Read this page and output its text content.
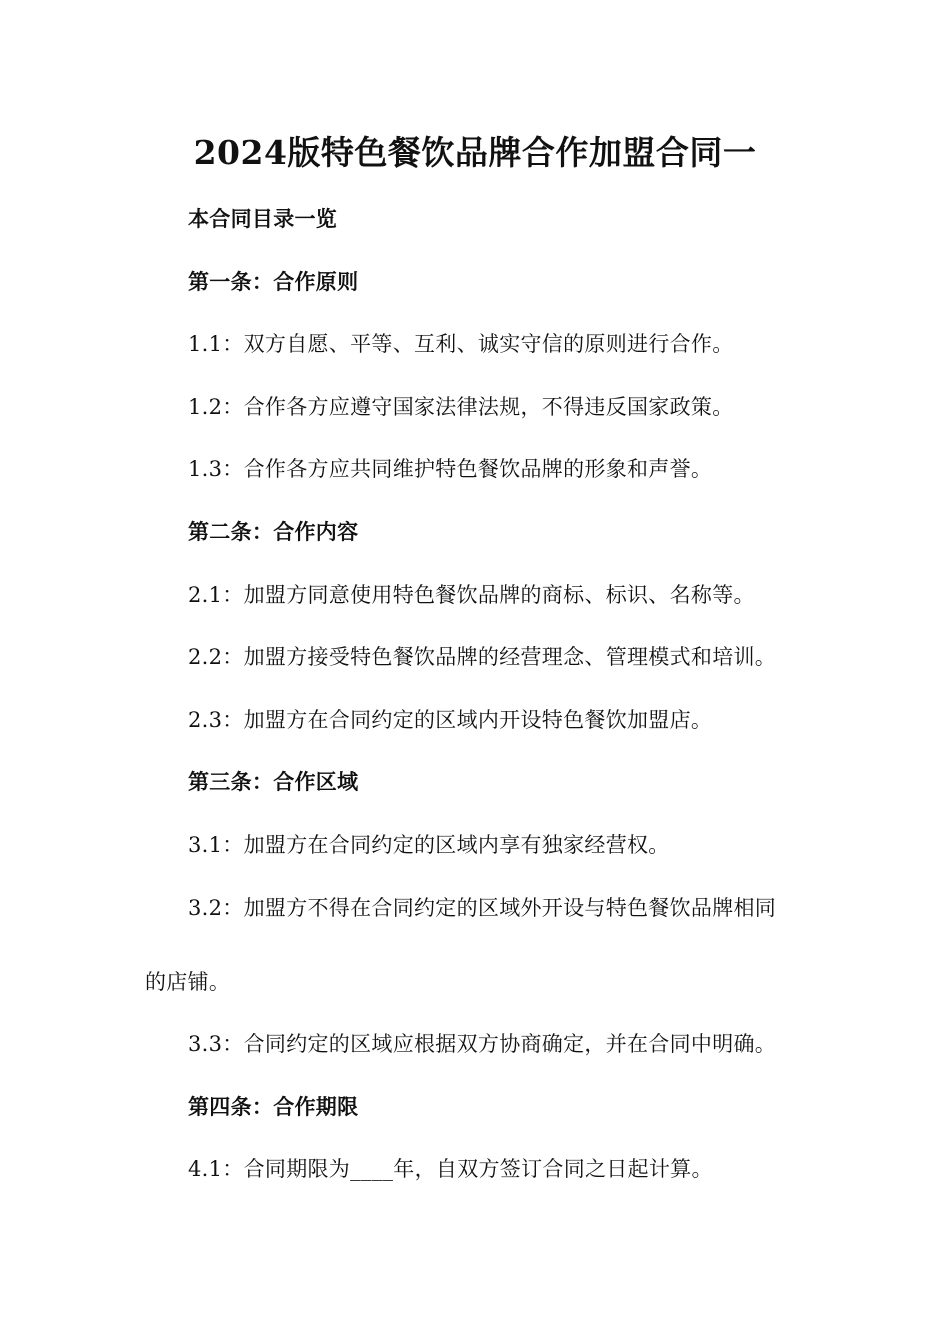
2024版特色餐饮品牌合作加盟合同一
本合同目录一览
第一条：合作原则
1.1：双方自愿、平等、互利、诚实守信的原则进行合作。
1.2：合作各方应遵守国家法律法规，不得违反国家政策。
1.3：合作各方应共同维护特色餐饮品牌的形象和声誉。
第二条：合作内容
2.1：加盟方同意使用特色餐饮品牌的商标、标识、名称等。
2.2：加盟方接受特色餐饮品牌的经营理念、管理模式和培训。
2.3：加盟方在合同约定的区域内开设特色餐饮加盟店。
第三条：合作区域
3.1：加盟方在合同约定的区域内享有独家经营权。
3.2：加盟方不得在合同约定的区域外开设与特色餐饮品牌相同
的店铺。
3.3：合同约定的区域应根据双方协商确定，并在合同中明确。
第四条：合作期限
4.1：合同期限为____年，自双方签订合同之日起计算。
